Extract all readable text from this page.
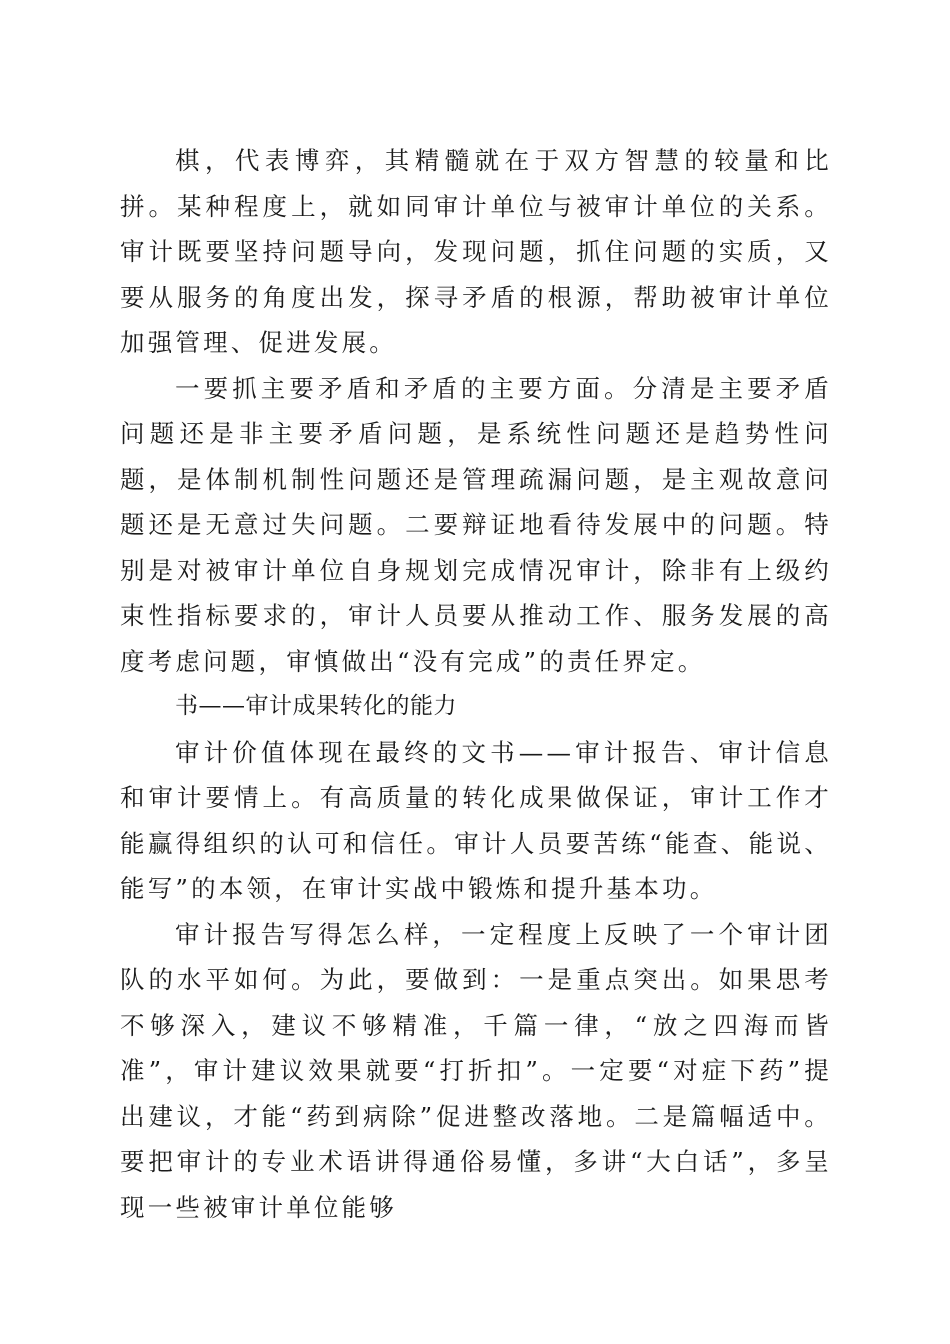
棋，代表博弈，其精髓就在于双方智慧的较量和比拼。某种程度上，就如同审计单位与被审计单位的关系。审计既要坚持问题导向，发现问题，抓住问题的实质，又要从服务的角度出发，探寻矛盾的根源，帮助被审计单位加强管理、促进发展。

一要抓主要矛盾和矛盾的主要方面。分清是主要矛盾问题还是非主要矛盾问题，是系统性问题还是趋势性问题，是体制机制性问题还是管理疏漏问题，是主观故意问题还是无意过失问题。二要辩证地看待发展中的问题。特别是对被审计单位自身规划完成情况审计，除非有上级约束性指标要求的，审计人员要从推动工作、服务发展的高度考虑问题，审慎做出“没有完成”的责任界定。

书——审计成果转化的能力

审计价值体现在最终的文书——审计报告、审计信息和审计要情上。有高质量的转化成果做保证，审计工作才能赢得组织的认可和信任。审计人员要苦练“能查、能说、能写”的本领，在审计实战中锻炼和提升基本功。

审计报告写得怎么样，一定程度上反映了一个审计团队的水平如何。为此，要做到：一是重点突出。如果思考不够深入，建议不够精准，千篇一律，“放之四海而皆准”，审计建议效果就要“打折扣”。一定要“对症下药”提出建议，才能“药到病除”促进整改落地。二是篇幅适中。要把审计的专业术语讲得通俗易懂，多讲“大白话”，多呈现一些被审计单位能够
